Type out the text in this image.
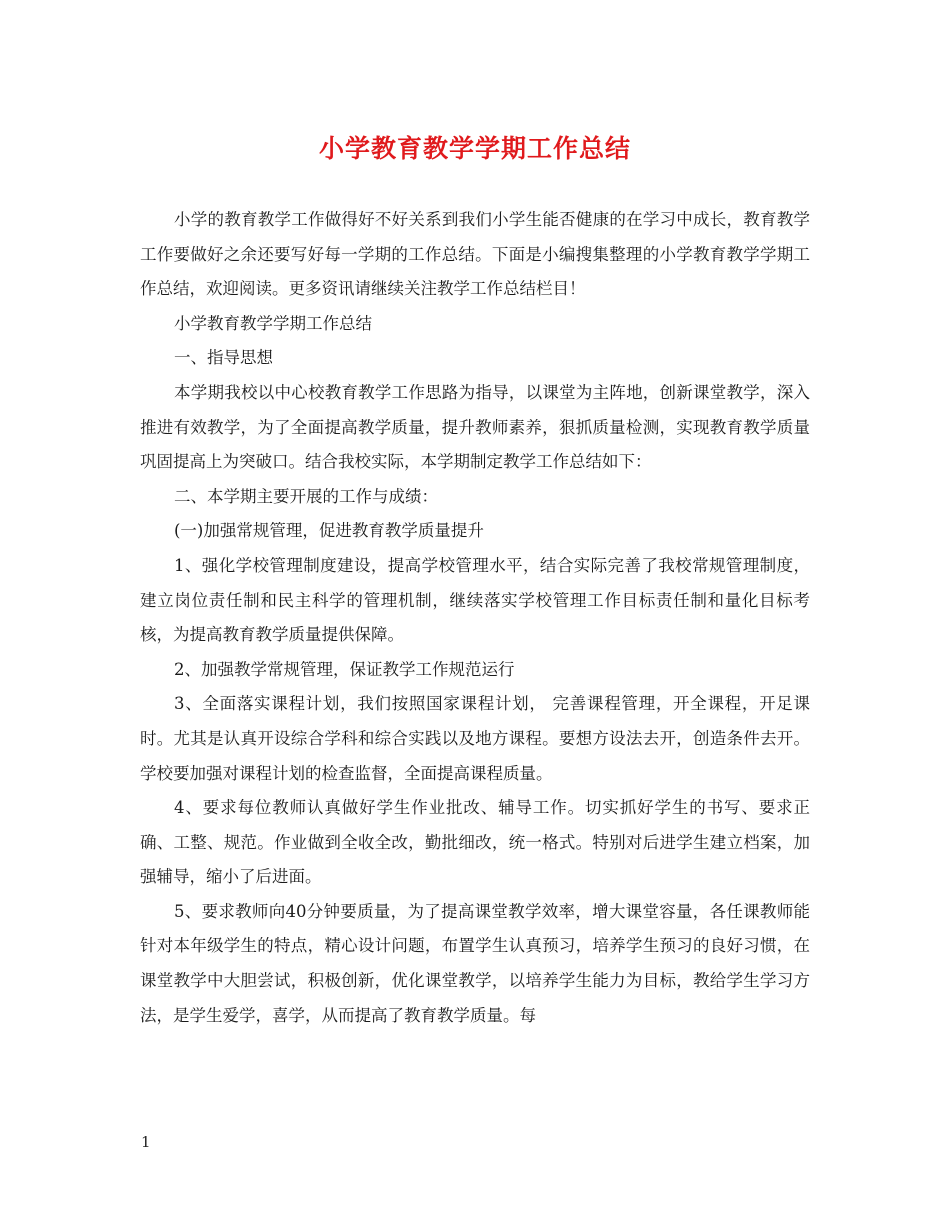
小学教育教学学期工作总结

小学的教育教学工作做得好不好关系到我们小学生能否健康的在学习中成长，教育教学工作要做好之余还要写好每一学期的工作总结。下面是小编搜集整理的小学教育教学学期工作总结，欢迎阅读。更多资讯请继续关注教学工作总结栏目！

小学教育教学学期工作总结

一、指导思想

本学期我校以中心校教育教学工作思路为指导，以课堂为主阵地，创新课堂教学，深入推进有效教学，为了全面提高教学质量，提升教师素养，狠抓质量检测，实现教育教学质量巩固提高上为突破口。结合我校实际，本学期制定教学工作总结如下：

二、本学期主要开展的工作与成绩：

(一)加强常规管理，促进教育教学质量提升

1、强化学校管理制度建设，提高学校管理水平，结合实际完善了我校常规管理制度，建立岗位责任制和民主科学的管理机制，继续落实学校管理工作目标责任制和量化目标考核，为提高教育教学质量提供保障。

2、加强教学常规管理，保证教学工作规范运行

3、全面落实课程计划，我们按照国家课程计划， 完善课程管理，开全课程，开足课时。尤其是认真开设综合学科和综合实践以及地方课程。要想方设法去开，创造条件去开。学校要加强对课程计划的检查监督，全面提高课程质量。

4、要求每位教师认真做好学生作业批改、辅导工作。切实抓好学生的书写、要求正确、工整、规范。作业做到全收全改，勤批细改，统一格式。特别对后进学生建立档案，加强辅导，缩小了后进面。

5、要求教师向40分钟要质量，为了提高课堂教学效率，增大课堂容量，各任课教师能针对本年级学生的特点，精心设计问题，布置学生认真预习，培养学生预习的良好习惯，在课堂教学中大胆尝试，积极创新，优化课堂教学，以培养学生能力为目标，教给学生学习方法，是学生爱学，喜学，从而提高了教育教学质量。每

1
